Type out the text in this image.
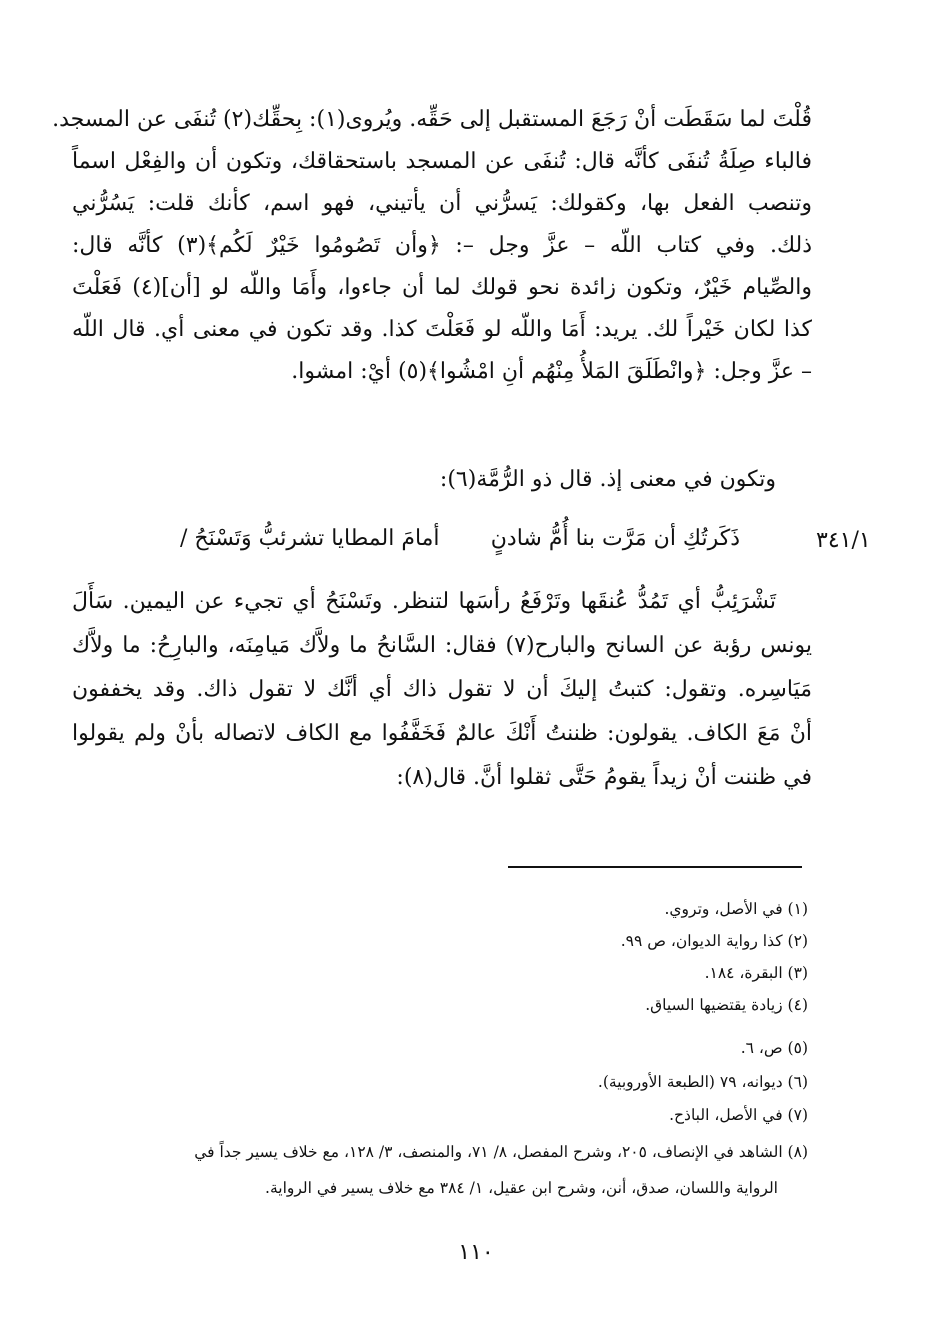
قُلْتَ لما سَقَطَت أنْ رَجَعَ المستقبل إلى حَقِّه. ويُروى(١): بِحقِّك(٢) تُنفَى عن المسجد.
فالباء صِلَةُ تُنفَى كأنَّه قال: تُنفَى عن المسجد باستحقاقك، وتكون أن والفِعْل اسماً
وتنصب الفعل بها، وكقولك: يَسرُّني أن يأتيني، فهو اسم، كأنك قلت: يَسُرُّني
ذلك. وفي كتاب اللّه – عزَّ وجل –: ﴿وأن تَصُومُوا خَيْرٌ لَكُم﴾(٣) كأنَّه قال:
والصِّيام خَيْرٌ، وتكون زائدة نحو قولك لما أن جاءوا، وأَمَا واللّه لو [أن](٤) فَعَلْتَ
كذا لكان خَيْراً لك. يريد: أَمَا واللّه لو فَعَلْتَ كذا. وقد تكون في معنى أي. قال اللّه
– عزَّ وجل: ﴿وانْطَلَقَ المَلأُ مِنْهُم أنِ امْشُوا﴾(٥) أيْ: امشوا.
وتكون في معنى إذ. قال ذو الرُّمَّة(٦):
ذَكَرتُكِ أن مَرَّت بنا أُمُّ شادنٍ
أمامَ المطايا تشرئبُّ وَتَسْنَحُ /	٣٤١/١
تَشْرَئِبُّ أي تَمُدُّ عُنقَها وتَرْفَعُ رأسَها لتنظر. وتَسْنَحُ أي تجيء عن اليمين. سَأَلَ
يونس رؤبة عن السانح والبارح(٧) فقال: السَّانحُ ما ولاَّك مَيامِنَه، والبارِحُ: ما ولاَّك
مَيَاسِره. وتقول: كتبتُ إليكَ أن لا تقول ذاك أي أنَّك لا تقول ذاك. وقد يخففون
أنْ مَعَ الكاف. يقولون: ظننتُ أَنْكَ عالمٌ فَخَفَّفُوا مع الكاف لاتصاله بأنْ ولم يقولوا
في ظننت أنْ زيداً يقومُ حَتَّى ثقلوا أنَّ. قال(٨):
(١) في الأصل، وتروي.
(٢) كذا رواية الديوان، ص ٩٩.
(٣) البقرة، ١٨٤.
(٤) زيادة يقتضيها السياق.
(٥) ص، ٦.
(٦) ديوانه، ٧٩ (الطبعة الأوروبية).
(٧) في الأصل، الباذح.
(٨) الشاهد في الإنصاف، ٢٠٥، وشرح المفصل، ٨/ ٧١، والمنصف، ٣/ ١٢٨، مع خلاف يسير جداً في
الرواية واللسان، صدق، أنن، وشرح ابن عقيل، ١/ ٣٨٤ مع خلاف يسير في الرواية.
١١٠
